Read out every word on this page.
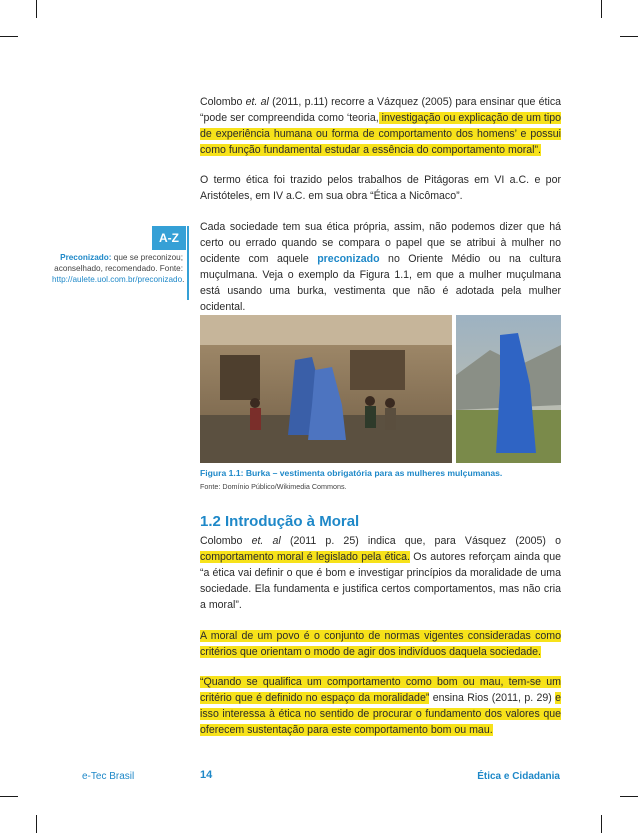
Colombo et. al (2011, p.11) recorre a Vázquez (2005) para ensinar que ética “pode ser compreendida como ‘teoria, investigação ou explicação de um tipo de experiência humana ou forma de comportamento dos homens’ e possui como função fundamental estudar a essência do comportamento moral”.

O termo ética foi trazido pelos trabalhos de Pitágoras em VI a.C. e por Aristóteles, em IV a.C. em sua obra “Ética a Nicômaco”.

Cada sociedade tem sua ética própria, assim, não podemos dizer que há certo ou errado quando se compara o papel que se atribui à mulher no ocidente com aquele preconizado no Oriente Médio ou na cultura muçulmana. Veja o exemplo da Figura 1.1, em que a mulher muçulmana está usando uma burka, vestimenta que não é adotada pela mulher ocidental.

A-Z
Preconizado: que se preconizou; aconselhado, recomendado. Fonte: http://aulete.uol.com.br/preconizado.
Figura 1.1: Burka – vestimenta obrigatória para as mulheres mulçumanas.
Fonte: Domínio Público/Wikimedia Commons.
1.2 Introdução à Moral

Colombo et. al (2011 p. 25) indica que, para Vásquez (2005) o comportamento moral é legislado pela ética. Os autores reforçam ainda que “a ética vai definir o que é bom e investigar princípios da moralidade de uma sociedade. Ela fundamenta e justifica certos comportamentos, mas não cria a moral”.

A moral de um povo é o conjunto de normas vigentes consideradas como critérios que orientam o modo de agir dos indivíduos daquela sociedade.

“Quando se qualifica um comportamento como bom ou mau, tem-se um critério que é definido no espaço da moralidade” ensina Rios (2011, p. 29) e isso interessa à ética no sentido de procurar o fundamento dos valores que oferecem sustentação para este comportamento bom ou mau.

e-Tec Brasil	14	Ética e Cidadania
